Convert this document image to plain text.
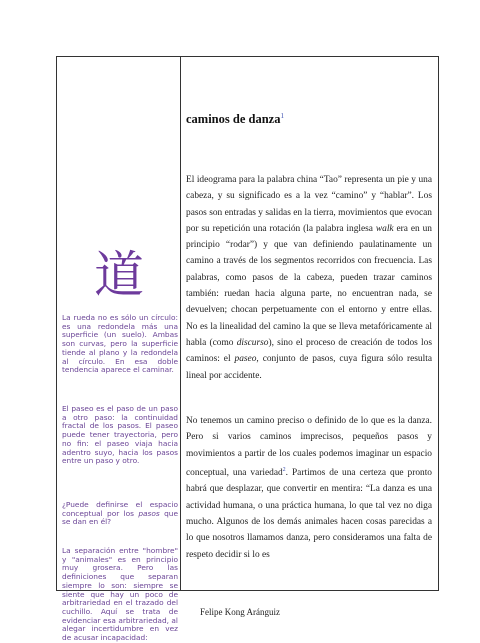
道
La rueda no es sólo un círculo: es una redondela más una superficie (un suelo). Ambas son curvas, pero la superficie tiende al plano y la redondela al círculo. En esa doble tendencia aparece el caminar.
El paseo es el paso de un paso a otro paso: la continuidad fractal de los pasos. El paseo puede tener trayectoria, pero no fin: el paseo viaja hacia adentro suyo, hacia los pasos entre un paso y otro.
¿Puede definirse el espacio conceptual por los pasos que se dan en él?
La separación entre "hombre" y "animales" es en principio muy grosera. Pero las definiciones que separan siempre lo son: siempre se siente que hay un poco de arbitrariedad en el trazado del cuchillo. Aquí se trata de evidenciar esa arbitrariedad, al alegar incertidumbre en vez de acusar incapacidad:
caminos de danza$^1$
El ideograma para la palabra china “Tao” representa un pie y una cabeza, y su significado es a la vez “camino” y “hablar”. Los pasos son entradas y salidas en la tierra, movimientos que evocan por su repetición una rotación (la palabra inglesa walk era en un principio “rodar”) y que van definiendo paulatinamente un camino a través de los segmentos recorridos con frecuencia. Las palabras, como pasos de la cabeza, pueden trazar caminos también: ruedan hacia alguna parte, no encuentran nada, se devuelven; chocan perpetuamente con el entorno y entre ellas. No es la linealidad del camino la que se lleva metafóricamente al habla (como discurso), sino el proceso de creación de todos los caminos: el paseo, conjunto de pasos, cuya figura sólo resulta lineal por accidente.
No tenemos un camino preciso o definido de lo que es la danza. Pero si varios caminos imprecisos, pequeños pasos y movimientos a partir de los cuales podemos imaginar un espacio conceptual, una variedad$^2$. Partimos de una certeza que pronto habrá que desplazar, que convertir en mentira: “La danza es una actividad humana, o una práctica humana, lo que tal vez no diga mucho. Algunos de los demás animales hacen cosas parecidas a lo que nosotros llamamos danza, pero consideramos una falta de respeto decidir si lo es
Felipe Kong Aránguiz
